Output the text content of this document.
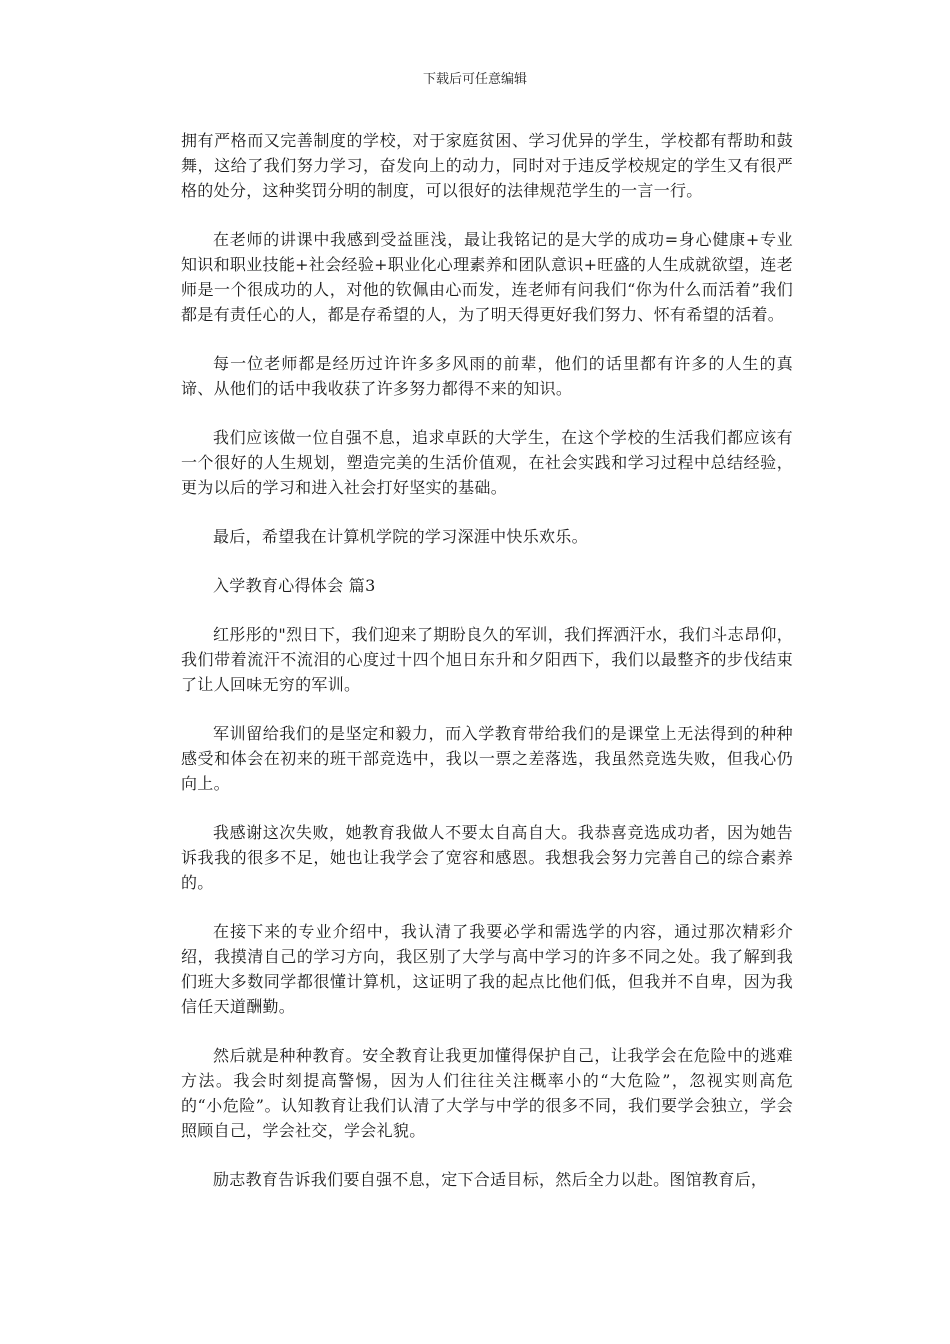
下载后可任意编辑

拥有严格而又完善制度的学校，对于家庭贫困、学习优异的学生，学校都有帮助和鼓舞，这给了我们努力学习，奋发向上的动力，同时对于违反学校规定的学生又有很严格的处分，这种奖罚分明的制度，可以很好的法律规范学生的一言一行。

在老师的讲课中我感到受益匪浅，最让我铭记的是大学的成功=身心健康+专业知识和职业技能+社会经验+职业化心理素养和团队意识+旺盛的人生成就欲望，连老师是一个很成功的人，对他的钦佩由心而发，连老师有问我们“你为什么而活着”我们都是有责任心的人，都是存希望的人，为了明天得更好我们努力、怀有希望的活着。

每一位老师都是经历过许许多多风雨的前辈，他们的话里都有许多的人生的真谛、从他们的话中我收获了许多努力都得不来的知识。

我们应该做一位自强不息，追求卓跃的大学生，在这个学校的生活我们都应该有一个很好的人生规划，塑造完美的生活价值观，在社会实践和学习过程中总结经验，更为以后的学习和进入社会打好坚实的基础。

最后，希望我在计算机学院的学习深涯中快乐欢乐。

入学教育心得体会 篇3

红彤彤的"烈日下，我们迎来了期盼良久的军训，我们挥洒汗水，我们斗志昂仰，我们带着流汗不流泪的心度过十四个旭日东升和夕阳西下，我们以最整齐的步伐结束了让人回味无穷的军训。

军训留给我们的是坚定和毅力，而入学教育带给我们的是课堂上无法得到的种种感受和体会在初来的班干部竞选中，我以一票之差落选，我虽然竞选失败，但我心仍向上。

我感谢这次失败，她教育我做人不要太自高自大。我恭喜竞选成功者，因为她告诉我我的很多不足，她也让我学会了宽容和感恩。我想我会努力完善自己的综合素养的。

在接下来的专业介绍中，我认清了我要必学和需选学的内容，通过那次精彩介绍，我摸清自己的学习方向，我区别了大学与高中学习的许多不同之处。我了解到我们班大多数同学都很懂计算机，这证明了我的起点比他们低，但我并不自卑，因为我信任天道酬勤。

然后就是种种教育。安全教育让我更加懂得保护自己，让我学会在危险中的逃难方法。我会时刻提高警惕，因为人们往往关注概率小的“大危险”，忽视实则高危的“小危险”。认知教育让我们认清了大学与中学的很多不同，我们要学会独立，学会照顾自己，学会社交，学会礼貌。

励志教育告诉我们要自强不息，定下合适目标，然后全力以赴。图馆教育后，
